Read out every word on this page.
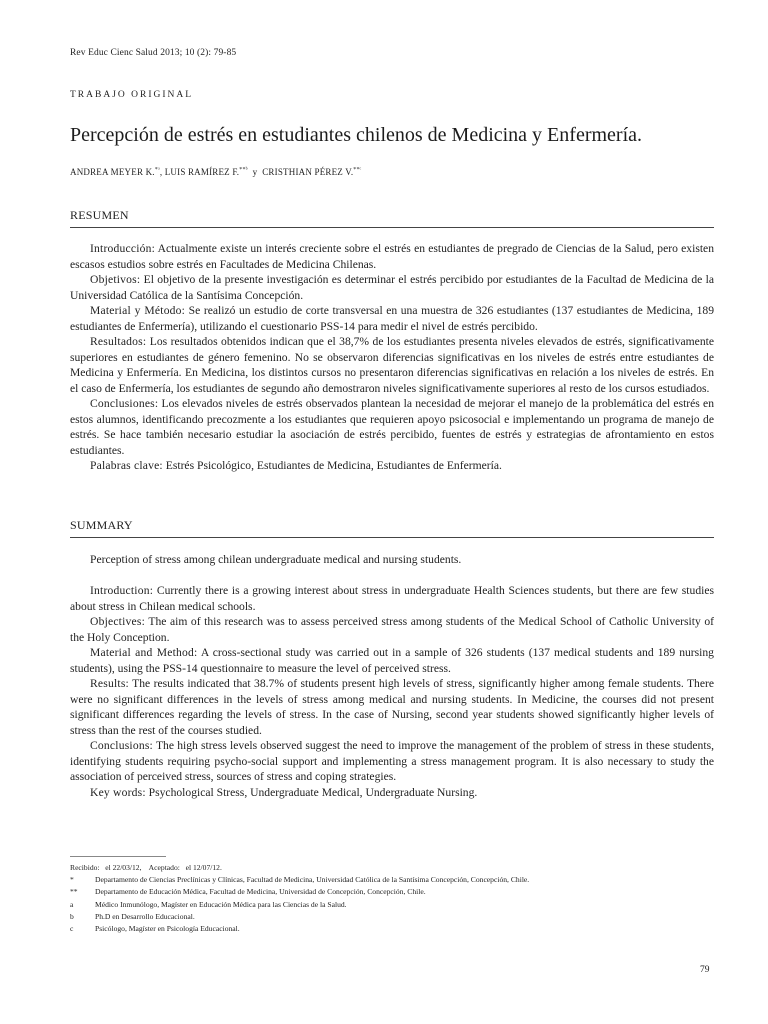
Rev Educ Cienc Salud 2013; 10 (2): 79-85
TRABAJO ORIGINAL
Percepción de estrés en estudiantes chilenos de Medicina y Enfermería.
ANDREA MEYER K.$^{*ᵃ}$, LUIS RAMÍREZ F.$^{**ᵇ}$  y  CRISTHIAN PÉREZ V.$^{**ᶜ}$
RESUMEN

Introducción: Actualmente existe un interés creciente sobre el estrés en estudiantes de pregrado de Ciencias de la Salud, pero existen escasos estudios sobre estrés en Facultades de Medicina Chilenas.

Objetivos: El objetivo de la presente investigación es determinar el estrés percibido por estudiantes de la Facultad de Medicina de la Universidad Católica de la Santísima Concepción.

Material y Método: Se realizó un estudio de corte transversal en una muestra de 326 estudiantes (137 estudiantes de Medicina, 189 estudiantes de Enfermería), utilizando el cuestionario PSS-14 para medir el nivel de estrés percibido.

Resultados: Los resultados obtenidos indican que el 38,7% de los estudiantes presenta niveles elevados de estrés, significativamente superiores en estudiantes de género femenino. No se observaron diferencias significativas en los niveles de estrés entre estudiantes de Medicina y Enfermería. En Medicina, los distintos cursos no presentaron diferencias significativas en relación a los niveles de estrés. En el caso de Enfermería, los estudiantes de segundo año demostraron niveles significativamente superiores al resto de los cursos estudiados.

Conclusiones: Los elevados niveles de estrés observados plantean la necesidad de mejorar el manejo de la problemática del estrés en estos alumnos, identificando precozmente a los estudiantes que requieren apoyo psicosocial e implementando un programa de manejo de estrés. Se hace también necesario estudiar la asociación de estrés percibido, fuentes de estrés y estrategias de afrontamiento en estos estudiantes.

Palabras clave: Estrés Psicológico, Estudiantes de Medicina, Estudiantes de Enfermería.

SUMMARY
Perception of stress among chilean undergraduate medical and nursing students.

Introduction: Currently there is a growing interest about stress in undergraduate Health Sciences students, but there are few studies about stress in Chilean medical schools.

Objectives: The aim of this research was to assess perceived stress among students of the Medical School of Catholic University of the Holy Conception.

Material and Method: A cross-sectional study was carried out in a sample of 326 students (137 medical students and 189 nursing students), using the PSS-14 questionnaire to measure the level of perceived stress.

Results: The results indicated that 38.7% of students present high levels of stress, significantly higher among female students. There were no significant differences in the levels of stress among medical and nursing students. In Medicine, the courses did not present significant differences regarding the levels of stress. In the case of Nursing, second year students showed significantly higher levels of stress than the rest of the courses studied.

Conclusions: The high stress levels observed suggest the need to improve the management of the problem of stress in these students, identifying students requiring psycho-social support and implementing a stress management program. It is also necessary to study the association of perceived stress, sources of stress and coping strategies.

Key words: Psychological Stress, Undergraduate Medical, Undergraduate Nursing.

Recibido:   el 22/03/12,    Aceptado:   el 12/07/12.
*	Departamento de Ciencias Preclínicas y Clínicas, Facultad de Medicina, Universidad Católica de la Santísima Concepción, Concepción, Chile.
**	Departamento de Educación Médica, Facultad de Medicina, Universidad de Concepción, Concepción, Chile.
a	Médico Inmunólogo, Magíster en Educación Médica para las Ciencias de la Salud.
b	Ph.D en Desarrollo Educacional.
c	Psicólogo, Magíster en Psicología Educacional.
79
